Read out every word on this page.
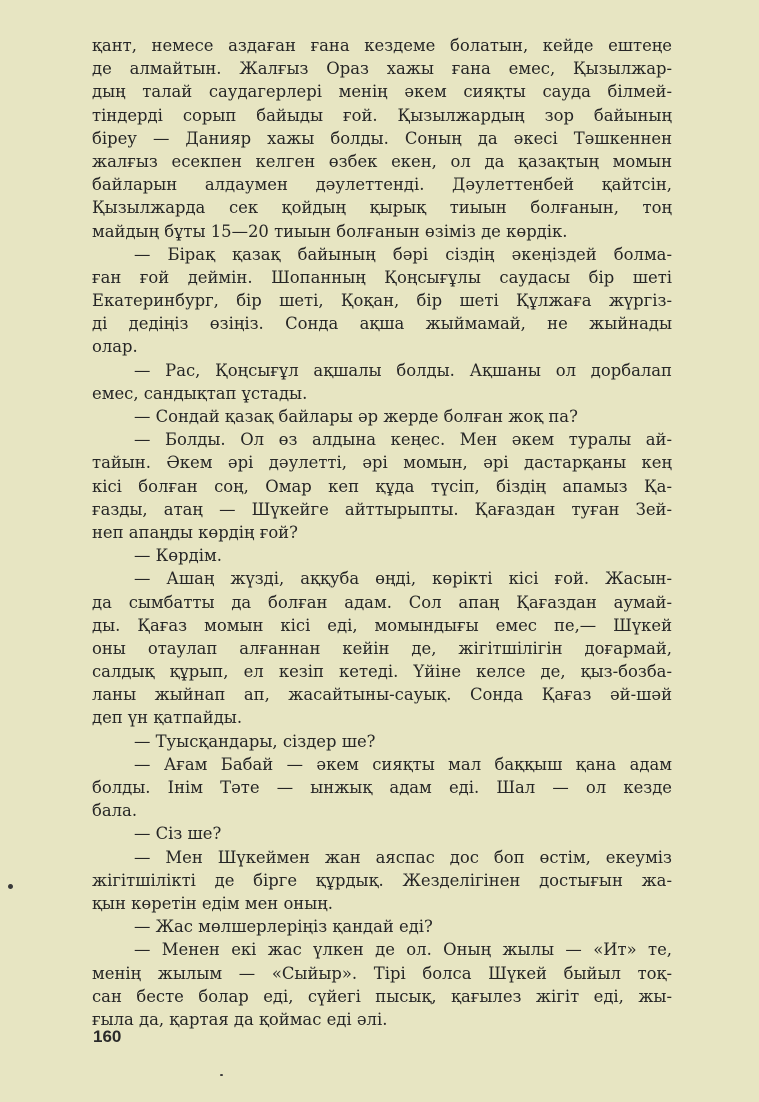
қант, немесе аздаған ғана кездеме болатын, кейде ештеңе
де алмайтын. Жалғыз Ораз хажы ғана емес, Қызылжар-
дың талай саудагерлері менің әкем сияқты сауда білмей-
тіндерді сорып байыды ғой. Қызылжардың зор байының
біреу — Данияр хажы болды. Соның да әкесі Тәшкеннен
жалғыз есекпен келген өзбек екен, ол да қазақтың момын
байларын алдаумен дәулеттенді. Дәулеттенбей қайтсін,
Қызылжарда сек қойдың қырық тиыын болғанын, тоң
майдың бұты 15—20 тиыын болғанын өзіміз де көрдік.
— Бірақ қазақ байының бәрі сіздің әкеңіздей болма-
ған ғой деймін. Шопанның Қоңсығұлы саудасы бір шеті
Екатеринбург, бір шеті, Қоқан, бір шеті Құлжаға жүргіз-
ді дедіңіз өзіңіз. Сонда ақша жыймамай, не жыйнады
олар.
— Рас, Қоңсығұл ақшалы болды. Ақшаны ол дорбалап
емес, сандықтап ұстады.
— Сондай қазақ байлары әр жерде болған жоқ па?
— Болды. Ол өз алдына кеңес. Мен әкем туралы ай-
тайын. Әкем әрі дәулетті, әрі момын, әрі дастарқаны кең
кісі болған соң, Омар кеп құда түсіп, біздің апамыз Қа-
ғазды, атаң — Шүкейге айттырыпты. Қағаздан туған Зей-
неп апаңды көрдің ғой?
— Көрдім.
— Ашаң жүзді, аққуба өңді, көрікті кісі ғой. Жасын-
да сымбатты да болған адам. Сол апаң Қағаздан аумай-
ды. Қағаз момын кісі еді, момындығы емес пе,— Шүкей
оны отаулап алғаннан кейін де, жігітшілігін доғармай,
салдық құрып, ел кезіп кетеді. Үйіне келсе де, қыз-бозба-
ланы жыйнап ап, жасайтыны-сауық. Сонда Қағаз әй-шәй
деп үн қатпайды.
— Туысқандары, сіздер ше?
— Ағам Бабай — әкем сияқты мал баққыш қана адам
болды. Інім Тәте — ынжық адам еді. Шал — ол кезде
бала.
— Сіз ше?
— Мен Шүкеймен жан аяспас дос боп өстім, екеуміз
жігітшілікті де бірге құрдық. Жезделігінен достығын жа-
қын көретін едім мен оның.
— Жас мөлшерлеріңіз қандай еді?
— Менен екі жас үлкен де ол. Оның жылы — «Ит» те,
менің жылым — «Сыйыр». Тірі болса Шүкей быйыл тоқ-
сан бесте болар еді, сүйегі пысық, қағылез жігіт еді, жы-
ғыла да, қартая да қоймас еді әлі.
160
